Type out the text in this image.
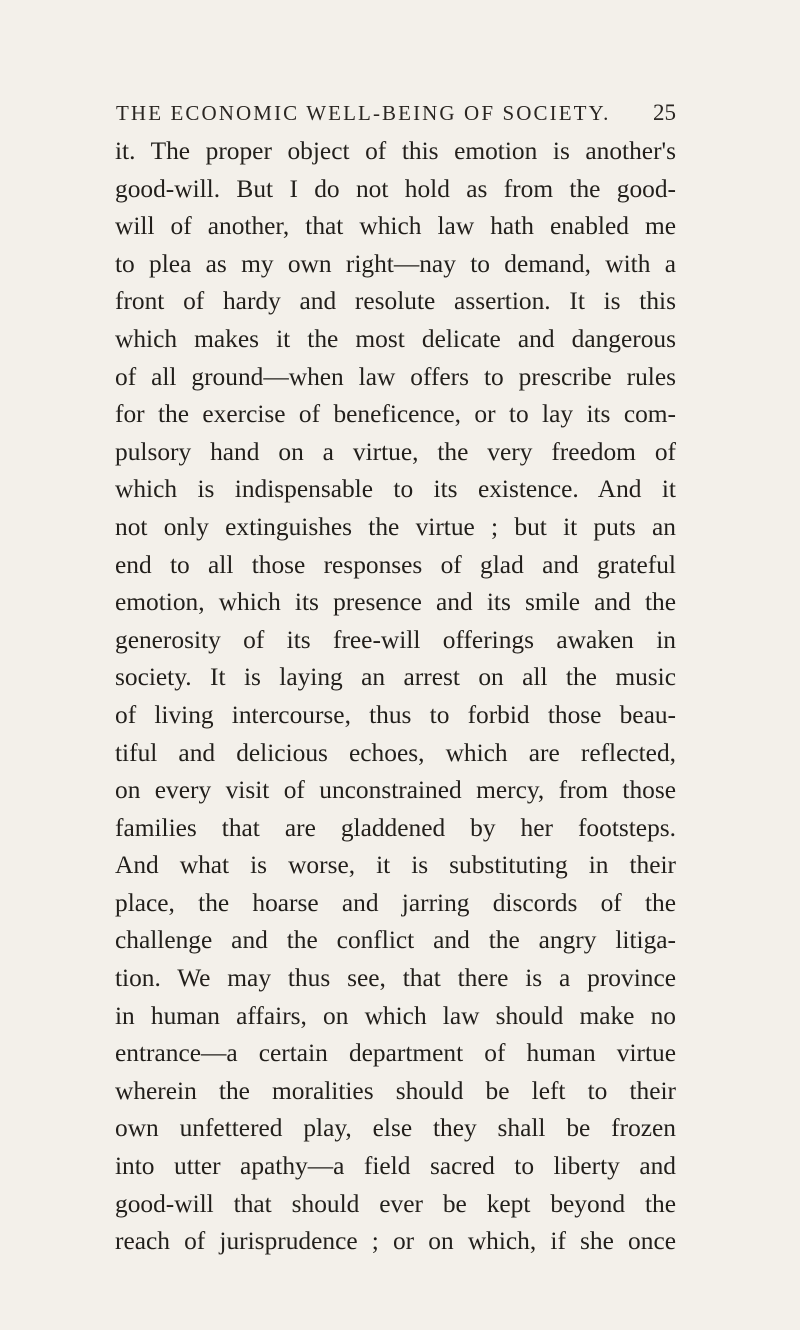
THE ECONOMIC WELL-BEING OF SOCIETY. 25
it. The proper object of this emotion is another's
good-will. But I do not hold as from the good-
will of another, that which law hath enabled me
to plea as my own right—nay to demand, with a
front of hardy and resolute assertion. It is this
which makes it the most delicate and dangerous
of all ground—when law offers to prescribe rules
for the exercise of beneficence, or to lay its com-
pulsory hand on a virtue, the very freedom of
which is indispensable to its existence. And it
not only extinguishes the virtue ; but it puts an
end to all those responses of glad and grateful
emotion, which its presence and its smile and the
generosity of its free-will offerings awaken in
society. It is laying an arrest on all the music
of living intercourse, thus to forbid those beau-
tiful and delicious echoes, which are reflected,
on every visit of unconstrained mercy, from those
families that are gladdened by her footsteps.
And what is worse, it is substituting in their
place, the hoarse and jarring discords of the
challenge and the conflict and the angry litiga-
tion. We may thus see, that there is a province
in human affairs, on which law should make no
entrance—a certain department of human virtue
wherein the moralities should be left to their
own unfettered play, else they shall be frozen
into utter apathy—a field sacred to liberty and
good-will that should ever be kept beyond the
reach of jurisprudence ; or on which, if she once
